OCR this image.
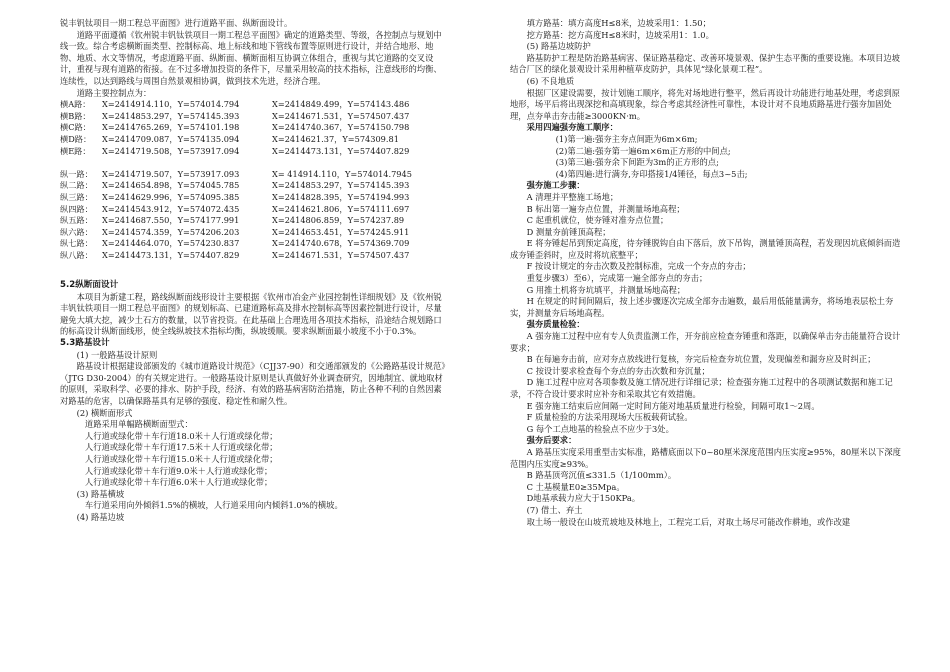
锐丰钒钛项目一期工程总平面图》进行道路平面、纵断面设计。

道路平面遵循《钦州锐丰钒钛铁项目一期工程总平面图》确定的道路类型、等级，各控制点与规划中线一致。综合考虑横断面类型、控制标高、地上标线和地下管线布置等原则进行设计，并结合地形、地物、地质、水文等情况，考虑道路平面、纵断面、横断面相互协调立体组合，重视与其它道路的交叉设计，重视与现有道路的衔接。在不过多增加投资的条件下，尽量采用较高的技术指标，注意线形的均衡、连续性，以达到路线与周围自然景观相协调，做到技术先进，经济合理。

道路主要控制点为：

横A路：	X=2414914.110，Y=574014.794	X=2414849.499，Y=574143.486
横B路：	X=2414853.297，Y=574145.393	X=2414671.531，Y=574507.437
横C路：	X=2414765.269，Y=574101.198	X=2414740.367，Y=574150.798
横D路：	X=2414709.087，Y=574135.094	X=2414621.37，Y=574309.81
横E路：	X=2414719.508，Y=573917.094	X=2414473.131，Y=574407.829
纵一路：	X=2414719.507，Y=573917.093	X= 414914.110，Y=574014.7945
纵二路：	X=2414654.898，Y=574045.785	X=2414853.297，Y=574145.393
纵三路：	X=2414629.996，Y=574095.385	X=2414828.395，Y=574194.993
纵四路：	X=2414543.912，Y=574072.435	X=2414621.806，Y=574111.697
纵五路：	X=2414687.550，Y=574177.991	X=2414806.859，Y=574237.89
纵六路：	X=2414574.359，Y=574206.203	X=2414653.451，Y=574245.911
纵七路：	X=2414464.070，Y=574230.837	X=2414740.678，Y=574369.709
纵八路：	X=2414473.131，Y=574407.829	X=2414671.531，Y=574507.437

5.2纵断面设计

本项目为新建工程，路线纵断面线形设计主要根据《钦州市冶金产业园控制性详细规划》及《钦州锐丰钒钛铁项目一期工程总平面图》的规划标高、已建道路标高及排水控制标高等因素控制进行设计，尽量避免大填大挖，减少土石方的数量，以节省投资。在此基础上合理选用各项技术指标，沿途结合规划路口的标高设计纵断面线形，使全线纵坡技术指标均衡，纵坡缓顺。要求纵断面最小坡度不小于0.3%。

5.3路基设计

(1) 一般路基设计原则

路基设计根据建设部颁发的《城市道路设计规范》（CJJ37-90）和交通部颁发的《公路路基设计规范》（JTG D30-2004）的有关规定进行。一般路基设计原则是认真做好外业调查研究，因地制宜、就地取材的原则，采取科学、必要的排水、防护手段，经济、有效的路基病害防治措施，防止各种不利的自然因素对路基的危害，以确保路基具有足够的强度、稳定性和耐久性。

(2) 横断面形式

道路采用单幅路横断面型式：

人行道或绿化带＋车行道18.0米＋人行道或绿化带；

人行道或绿化带＋车行道17.5米＋人行道或绿化带；

人行道或绿化带＋车行道15.0米＋人行道或绿化带；

人行道或绿化带＋车行道9.0米＋人行道或绿化带；

人行道或绿化带＋车行道6.0米＋人行道或绿化带；

(3) 路基横坡

车行道采用向外倾斜1.5%的横坡，人行道采用向内倾斜1.0%的横坡。

(4) 路基边坡

填方路基：填方高度H≤8米，边坡采用1：1.50；

挖方路基：挖方高度H≤8米时，边坡采用1：1.0。

(5) 路基边坡防护

路基防护工程是防治路基病害、保证路基稳定、改善环境景观、保护生态平衡的重要设施。本项目边坡结合厂区的绿化景观设计采用种植草皮防护，具体见“绿化景观工程”。

(6) 不良地质

根据厂区建设需要，按计划施工顺序，将先对场地进行整平，然后再设计功能进行地基处理，考虑到原地形，场平后将出现深挖和高填现象，综合考虑其经济性可靠性，本设计对不良地质路基进行强夯加固处理，点夯单击夯击能≥3000KN·m。

采用四遍强夯施工顺序：

(1)第一遍:强夯主夯点间距为6m×6m;

(2)第二遍:强夯第一遍6m×6m正方形的中间点;

(3)第三遍:强夯余下间距为3m的正方形的点;

(4)第四遍:进行满夯,夯印搭接1/4锤径，每点3~5击;

强夯施工步骤：

A 清理并平整施工场地；

B 标出第一遍夯点位置，并测量场地高程；

C 起重机就位，使夯锤对准夯点位置；

D 测量夯前锤顶高程；

E 将夯锤起吊到预定高度，待夯锤脱钩自由下落后，放下吊钩，测量锤顶高程，若发现因坑底倾斜而造成夯锤歪斜时，应及时将坑底整平；

F 按设计规定的夯击次数及控制标准，完成一个夯点的夯击；

重复步骤3）至6），完成第一遍全部夯点的夯击；

G 用推土机将夯坑填平，并测量场地高程；

H 在规定的时间间隔后，按上述步骤逐次完成全部夯击遍数，最后用低能量满夯，将场地表层松土夯实，并测量夯后场地高程。

强夯质量检验：

A 强夯施工过程中应有专人负责监测工作，开夯前应检查夯锤重和落距，以确保单击夯击能量符合设计要求；

B 在每遍夯击前，应对夯点放线进行复核，夯完后检查夯坑位置，发现偏差和漏夯应及时纠正；

C 按设计要求检查每个夯点的夯击次数和夯沉量；

D 施工过程中应对各项参数及施工情况进行详细记录；检查强夯施工过程中的各项测试数据和施工记录，不符合设计要求时应补夯和采取其它有效措施。

E 强夯施工结束后应间隔一定时间方能对地基质量进行检验，间隔可取1～2周。

F 质量检验的方法采用现场大压板载荷试验。

G 每个工点地基的检验点不应少于3处。

强夯后要求：

A 路基压实度采用重型击实标准，路槽底面以下0~80厘米深度范围内压实度≥95%，80厘米以下深度范围内压实度≥93%。

B 路基顶弯沉值≤331.5（1/100mm）。

C 土基模量E0≥35Mpa。

D地基承载力应大于150KPa。

(7) 借土、弃土

取土场一般设在山坡荒坡地及林地上，工程完工后，对取土场尽可能改作耕地，或作改建
